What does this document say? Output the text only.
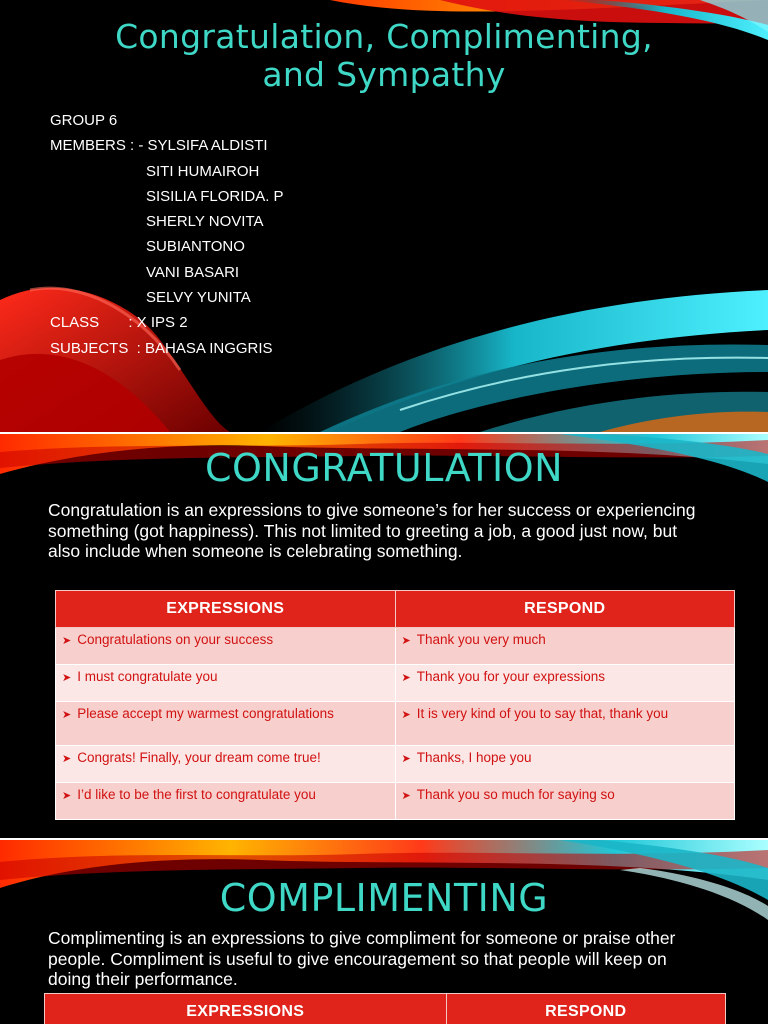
Congratulation, Complimenting,
and Sympathy
GROUP 6
MEMBERS : - SYLSIFA ALDISTI
SITI HUMAIROH
SISILIA FLORIDA. P
SHERLY NOVITA
SUBIANTONO
VANI BASARI
SELVY YUNITA
CLASS       : X IPS 2
SUBJECTS  : BAHASA INGGRIS
CONGRATULATION

Congratulation is an expressions to give someone’s for her success or experiencing something (got happiness). This not limited to greeting a job, a good just now, but also include when someone is celebrating something.

EXPRESSIONS	RESPOND
➤ Congratulations on your success	➤ Thank you very much
➤ I must congratulate you	➤ Thank you for your expressions
➤ Please accept my warmest congratulations	➤ It is very kind of you to say that, thank you
➤ Congrats! Finally, your dream come true!	➤ Thanks, I hope you
➤ I’d like to be the first to congratulate you	➤ Thank you so much for saying so
COMPLIMENTING

Complimenting is an expressions to give compliment for someone or praise other people. Compliment is useful to give encouragement so that people will keep on doing their performance.

EXPRESSIONS	RESPOND
